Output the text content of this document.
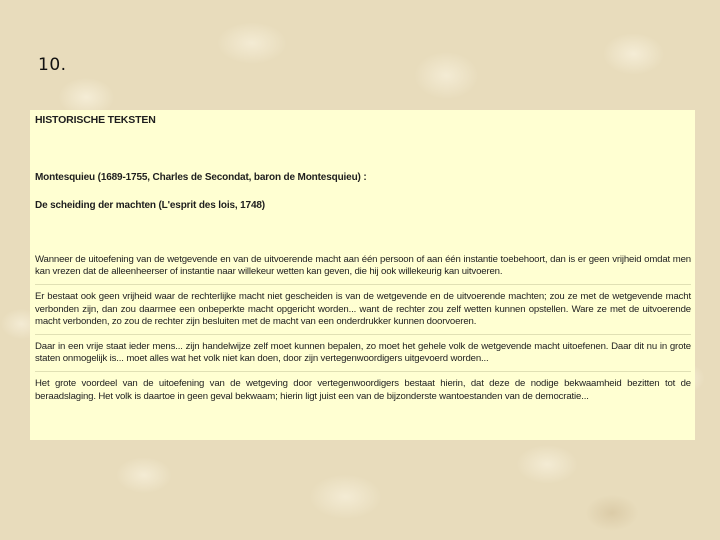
10.
HISTORISCHE TEKSTEN
Montesquieu (1689-1755, Charles de Secondat, baron de Montesquieu) :
De scheiding der machten (L'esprit des lois, 1748)

Wanneer de uitoefening van de wetgevende en van de uitvoerende macht aan één persoon of aan één instantie toebehoort, dan is er geen vrijheid omdat men kan vrezen dat de alleenheerser of instantie naar willekeur wetten kan geven, die hij ook willekeurig kan uitvoeren.

Er bestaat ook geen vrijheid waar de rechterlijke macht niet gescheiden is van de wetgevende en de uitvoerende machten; zou ze met de wetgevende macht verbonden zijn, dan zou daarmee een onbeperkte macht opgericht worden... want de rechter zou zelf wetten kunnen opstellen. Ware ze met de uitvoerende macht verbonden, zo zou de rechter zijn besluiten met de macht van een onderdrukker kunnen doorvoeren.

Daar in een vrije staat ieder mens... zijn handelwijze zelf moet kunnen bepalen, zo moet het gehele volk de wetgevende macht uitoefenen. Daar dit nu in grote staten onmogelijk is... moet alles wat het volk niet kan doen, door zijn vertegenwoordigers uitgevoerd worden...

Het grote voordeel van de uitoefening van de wetgeving door vertegenwoordigers bestaat hierin, dat deze de nodige bekwaamheid bezitten tot de beraadslaging. Het volk is daartoe in geen geval bekwaam; hierin ligt juist een van de bijzonderste wantoestanden van de democratie...
